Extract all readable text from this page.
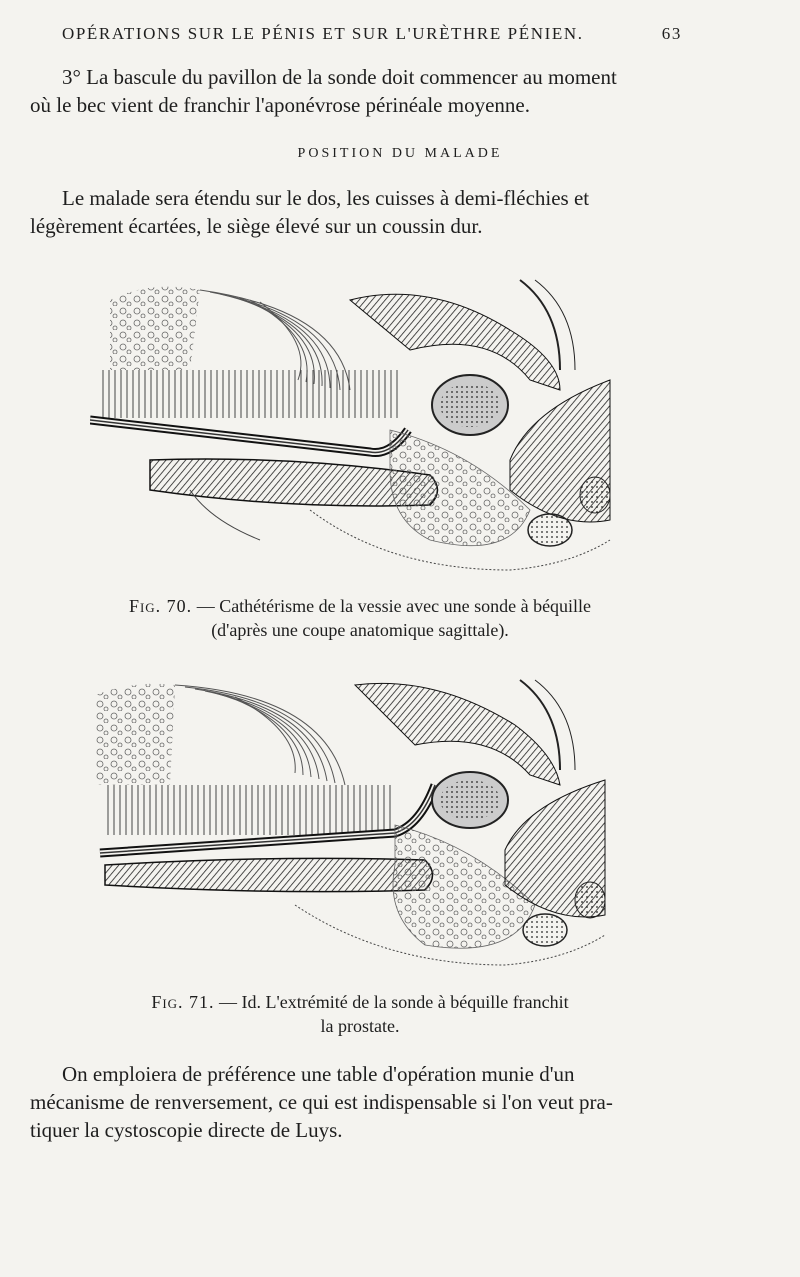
OPÉRATIONS SUR LE PÉNIS ET SUR L'URÈTHRE PÉNIEN.	63
3° La bascule du pavillon de la sonde doit commencer au moment
où le bec vient de franchir l'aponévrose périnéale moyenne.
POSITION DU MALADE
Le malade sera étendu sur le dos, les cuisses à demi-fléchies et
légèrement écartées, le siège élevé sur un coussin dur.
Fig. 70. — Cathétérisme de la vessie avec une sonde à béquille
(d'après une coupe anatomique sagittale).
Fig. 71. — Id. L'extrémité de la sonde à béquille franchit
la prostate.
On emploiera de préférence une table d'opération munie d'un
mécanisme de renversement, ce qui est indispensable si l'on veut pra-
tiquer la cystoscopie directe de Luys.
